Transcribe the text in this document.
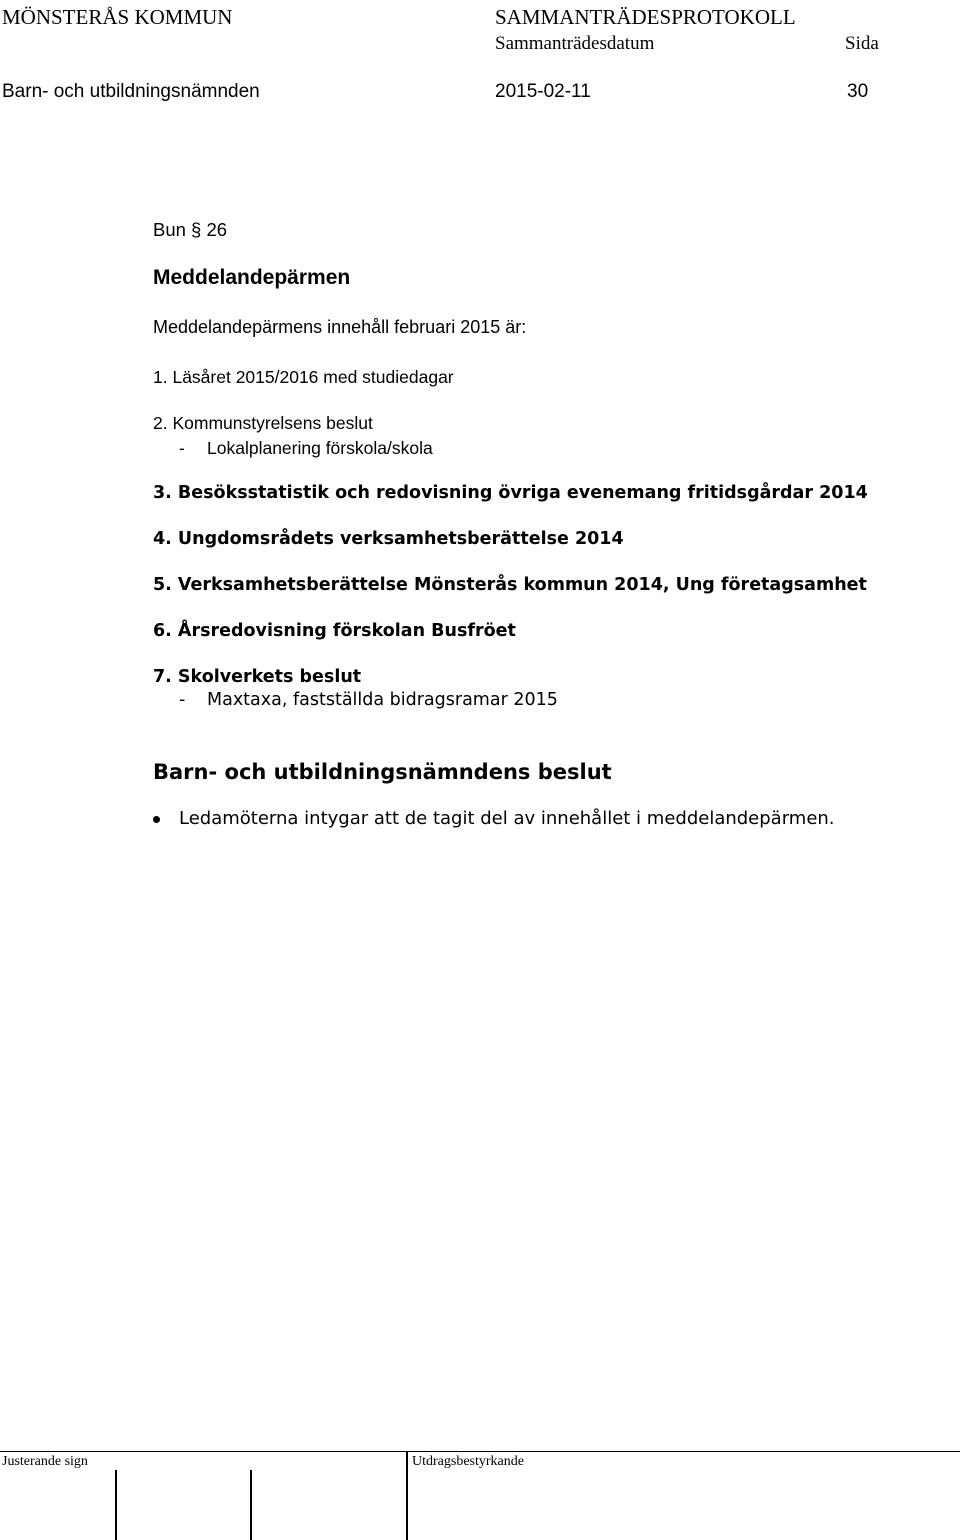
MÖNSTERÅS KOMMUN	SAMMANTRÄDESPROTOKOLL
Sammanträdesdatum	Sida
Barn- och utbildningsnämnden	2015-02-11	30
Bun § 26
Meddelandepärmen
Meddelandepärmens innehåll februari 2015 är:
1. Läsåret 2015/2016 med studiedagar
2. Kommunstyrelsens beslut
- Lokalplanering förskola/skola
3. Besöksstatistik och redovisning övriga evenemang fritidsgårdar 2014
4. Ungdomsrådets verksamhetsberättelse 2014
5. Verksamhetsberättelse Mönsterås kommun 2014, Ung företagsamhet
6. Årsredovisning förskolan Busfröet
7. Skolverkets beslut
- Maxtaxa, fastställda bidragsramar 2015
Barn- och utbildningsnämndens beslut
Ledamöterna intygar att de tagit del av innehållet i meddelandepärmen.
Justerande sign	Utdragsbestyrkande
